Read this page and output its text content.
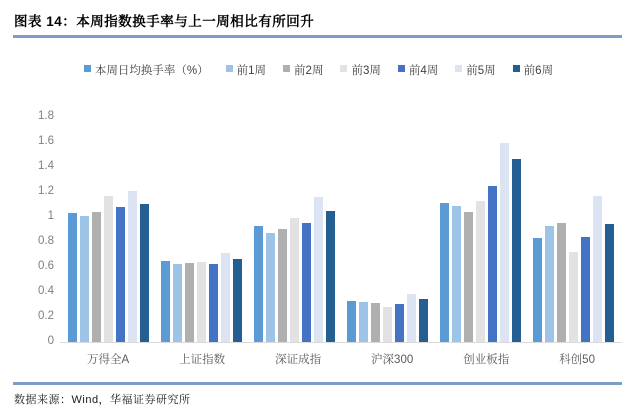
图表 14：本周指数换手率与上一周相比有所回升
本周日均换手率（%） 前1周 前2周 前3周 前4周 前5周 前6周
0
0.2
0.4
0.6
0.8
1
1.2
1.4
1.6
1.8
万得全A	上证指数	深证成指	沪深300	创业板指	科创50
数据来源：Wind，华福证券研究所
